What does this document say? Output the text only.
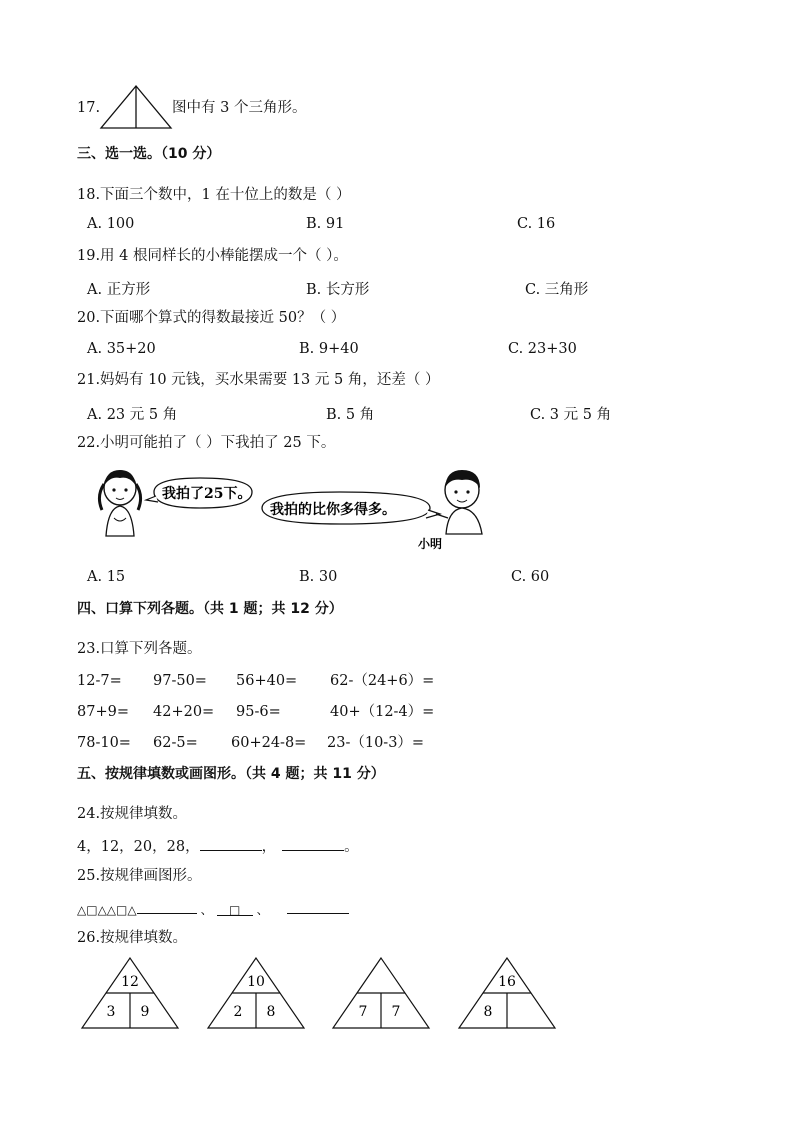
17.	图中有 3 个三角形。
三、选一选。（10 分）
18.下面三个数中，1 在十位上的数是（ ）
A. 100	B. 91	C. 16
19.用 4 根同样长的小棒能摆成一个（ ）。
A. 正方形	B. 长方形	C. 三角形
20.下面哪个算式的得数最接近 50？（ ）
A. 35+20	B. 9+40	C. 23+30
21.妈妈有 10 元钱，买水果需要 13 元 5 角，还差（ ）
A. 23 元 5 角	B. 5 角	C. 3 元 5 角
22.小明可能拍了（ ）下我拍了 25 下。
我拍了25下。
我拍的比你多得多。
小明
A. 15	B. 30	C. 60
四、口算下列各题。（共 1 题；共 12 分）
23.口算下列各题。
12-7= 97-50= 56+40= 62-（24+6）=
87+9= 42+20= 95-6=	40+（12-4）=
78-10= 62-5= 60+24-8= 23-（10-3）=
五、按规律填数或画图形。（共 4 题；共 11 分）
24.按规律填数。
4，12，20，28，	，	。
25.按规律画图形。
△□△△□△	、 □ 、
26.按规律填数。
12
3 9
10
2 8	7 7
16
8
